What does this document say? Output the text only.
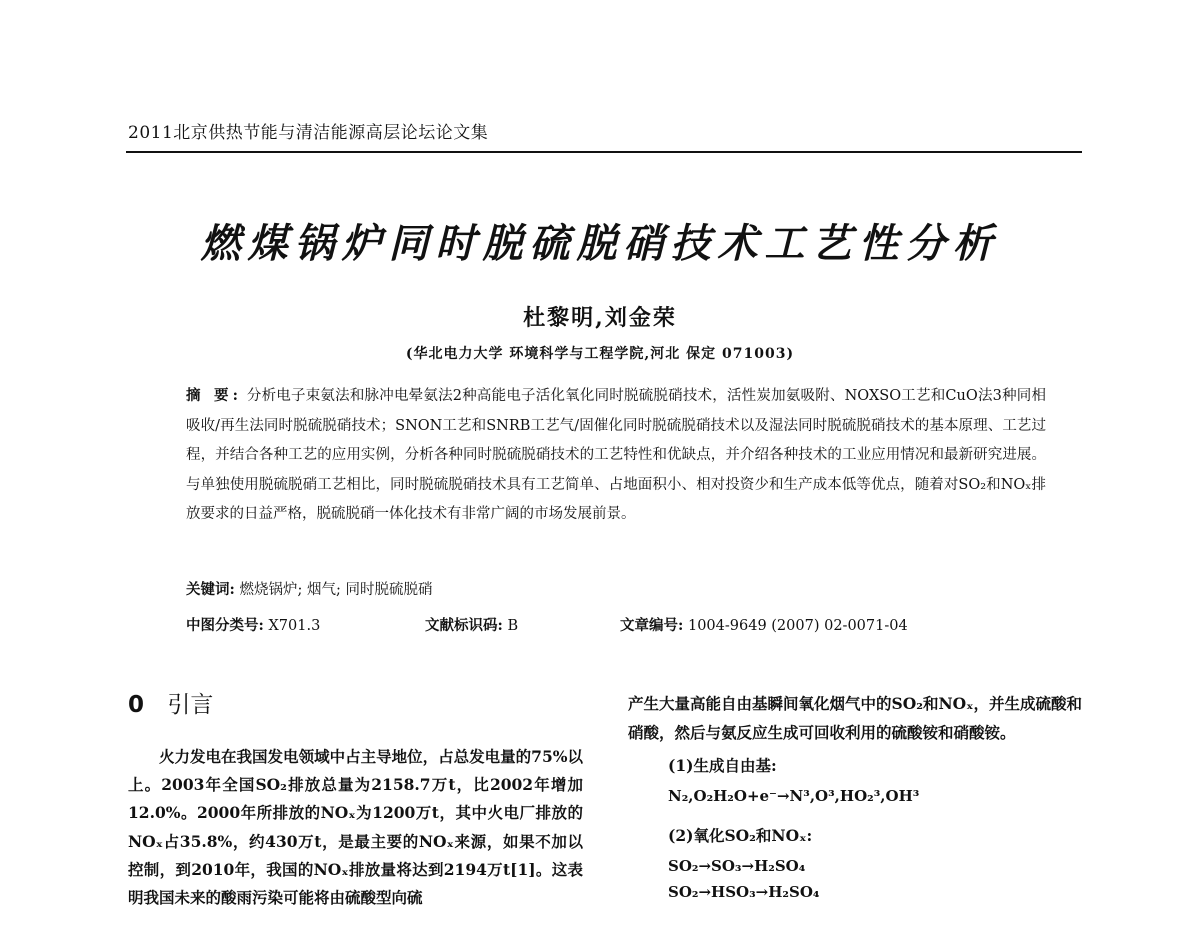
2011北京供热节能与清洁能源高层论坛论文集
燃煤锅炉同时脱硫脱硝技术工艺性分析
杜黎明,刘金荣
(华北电力大学 环境科学与工程学院,河北 保定 071003)
摘 要: 分析电子束氨法和脉冲电晕氨法2种高能电子活化氧化同时脱硫脱硝技术，活性炭加氨吸附、NOXSO工艺和CuO法3种同相吸收/再生法同时脱硫脱硝技术；SNON工艺和SNRB工艺气/固催化同时脱硫脱硝技术以及湿法同时脱硫脱硝技术的基本原理、工艺过程，并结合各种工艺的应用实例，分析各种同时脱硫脱硝技术的工艺特性和优缺点，并介绍各种技术的工业应用情况和最新研究进展。与单独使用脱硫脱硝工艺相比，同时脱硫脱硝技术具有工艺简单、占地面积小、相对投资少和生产成本低等优点，随着对SO₂和NOₓ排放要求的日益严格，脱硫脱硝一体化技术有非常广阔的市场发展前景。
关键词: 燃烧锅炉; 烟气; 同时脱硫脱硝
中图分类号: X701.3	文献标识码: B	文章编号: 1004-9649 (2007) 02-0071-04
0 引言

火力发电在我国发电领域中占主导地位，占总发电量的75%以上。2003年全国SO₂排放总量为2158.7万t，比2002年增加12.0%。2000年所排放的NOₓ为1200万t，其中火电厂排放的NOₓ占35.8%，约430万t，是最主要的NOₓ来源，如果不加以控制，到2010年，我国的NOₓ排放量将达到2194万t[1]。这表明我国未来的酸雨污染可能将由硫酸型向硫

产生大量高能自由基瞬间氧化烟气中的SO₂和NOₓ，并生成硫酸和硝酸，然后与氨反应生成可回收利用的硫酸铵和硝酸铵。

(1)生成自由基:
N₂,O₂H₂O+e⁻→N³,O³,HO₂³,OH³
(2)氧化SO₂和NOₓ:
SO₂→SO₃→H₂SO₄
SO₂→HSO₃→H₂SO₄
